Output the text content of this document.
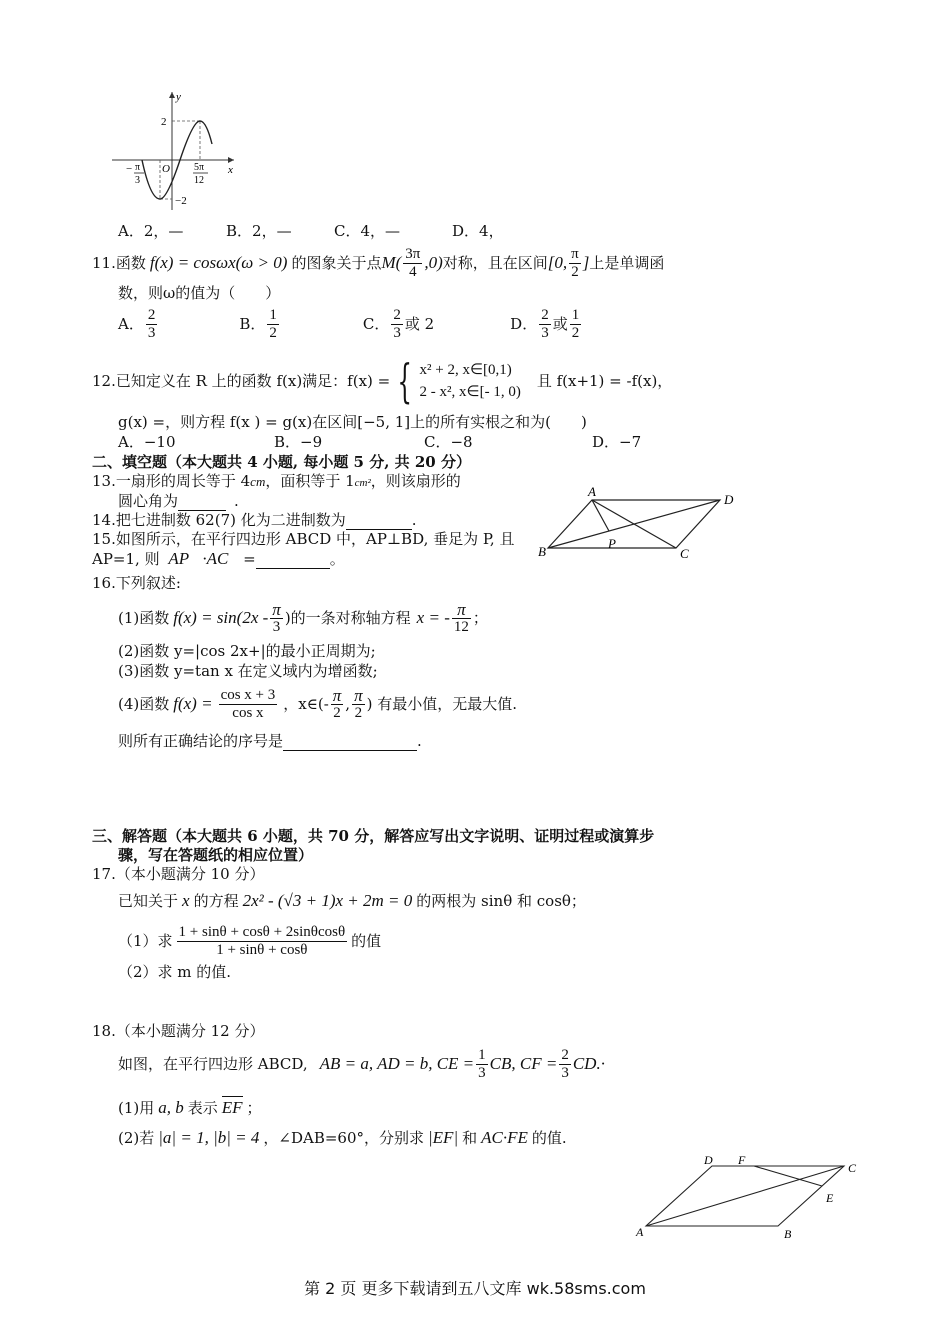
y
x
O
2
−2
− π
3
5π
12
A．2，—	B．2，—	C．4，—	D．4，
11.函数 f(x) = cosωx(ω > 0) 的图象关于点 $M( \frac{3\pi}{4} ,0)$ 对称，且在区间 [0, $\frac{\pi}{2}$ ] 上是单调函
数，则ω的值为（　　）
A． $\frac{2}{3}$	B． $\frac{1}{2}$	C． $\frac{2}{3}$ 或 2	D． $\frac{2}{3}$ 或 $\frac{1}{2}$
12.已知定义在 R 上的函数 f(x)满足：f(x) = { x² + 2, x∈[0,1)
2 - x², x∈[- 1, 0)
且 f(x+1) = -f(x)，
g(x) =，则方程 f(x ) = g(x)在区间[−5, 1]上的所有实根之和为(　　)
A．−10	B．−9	C．−8	D．−7
二、填空题（本大题共 4 小题, 每小题 5 分, 共 20 分）
13.一扇形的周长等于 4cm，面积等于 1cm²，则该扇形的
圆心角为	.
14.把七进制数 62(7) 化为二进制数为	.
15.如图所示，在平行四边形 ABCD 中，AP⊥BD, 垂足为 P, 且
AP=1, 则 AP⃗·AC =	。
A
B	C
D
P
16.下列叙述:
(1)函数 $f(x) = \sin(2x - \frac{\pi}{3}$ )的一条对称轴方程 x = - $\frac{\pi}{12}$ ；
(2)函数 y=|cos 2x+|的最小正周期为;
(3)函数 y=tan x 在定义域内为增函数;
(4)函数 $f(x) = \frac{\text{cos x + 3}}{\text{cos x}}$ ，x∈(- $\frac{\pi}{2}$ , $\frac{\pi}{2}$ ) 有最小值，无最大值.
则所有正确结论的序号是	.
三、解答题（本大题共 6 小题，共 70 分，解答应写出文字说明、证明过程或演算步
骤，写在答题纸的相应位置）
17.（本小题满分 10 分）
已知关于 x 的方程 2x² - (√3 + 1)x + 2m = 0 的两根为 sinθ 和 cosθ；
（1）求 $\frac{1 + \sin\theta + \cos\theta + 2\sin\theta\cos\theta}{1 + \sin\theta + \cos\theta}$ 的值
（2）求 m 的值.
18.（本小题满分 12 分）
如图，在平行四边形 ABCD, AB = a, AD = b, CE = $\frac{1}{3}$ CB, CF = $\frac{2}{3} CD.\cdot$
(1)用 a, b 表示 EF ；
(2)若 |a| = 1, |b| = 4 ，∠DAB=60°，分别求 |EF| 和 AC·FE 的值.
A	B
C
D
E
F
第 2 页 更多下载请到五八文库 wk.58sms.com
